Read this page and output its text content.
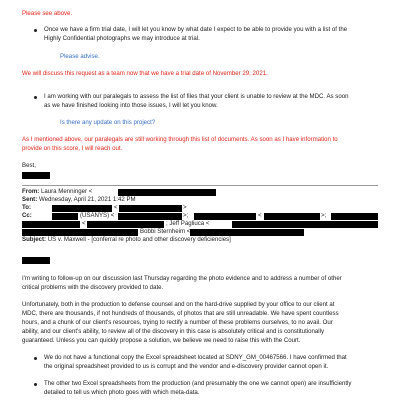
Please see above.

Once we have a firm trial date, I will let you know by what date I expect to be able to provide you with a list of the

Highly Confidential photographs we may introduce at trial.

Please advise.

We will discuss this request as a team now that we have a trial date of November 29, 2021.

I am working with our paralegals to assess the list of files that your client is unable to review at the MDC. As soon

as we have finished looking into those issues, I will let you know.

Is there any update on this project?

As I mentioned above, our paralegals are still working through this list of documents. As soon as I have information to

provide on this score, I will reach out.

Best,

From: Laura Menninger <
Sent: Wednesday, April 21, 2021 1:42 PM
To:	<	>
Cc:	(USANYS) <	>;	<	>;
<	; Jeff Pagliuca <
Bobbi Sternheim <
Subject: US v. Maxwell - [conferral re photo and other discovery deficiencies]

I'm writing to follow-up on our discussion last Thursday regarding the photo evidence and to address a number of other

critical problems with the discovery provided to date.

Unfortunately, both in the production to defense counsel and on the hard-drive supplied by your office to our client at

MDC, there are thousands, if not hundreds of thousands, of photos that are still unreadable. We have spent countless

hours, and a chunk of our client's resources, trying to rectify a number of these problems ourselves, to no avail. Our

ability, and our client's ability, to review all of the discovery in this case is absolutely critical and is constitutionally

guaranteed. Unless you can quickly propose a solution, we believe we need to raise this with the Court.

We do not have a functional copy the Excel spreadsheet located at SDNY_GM_00467566. I have confirmed that

the original spreadsheet provided to us is corrupt and the vendor and e-discovery provider cannot open it.

The other two Excel spreadsheets from the production (and presumably the one we cannot open) are insufficiently

detailed to tell us which photo goes with which meta-data.
